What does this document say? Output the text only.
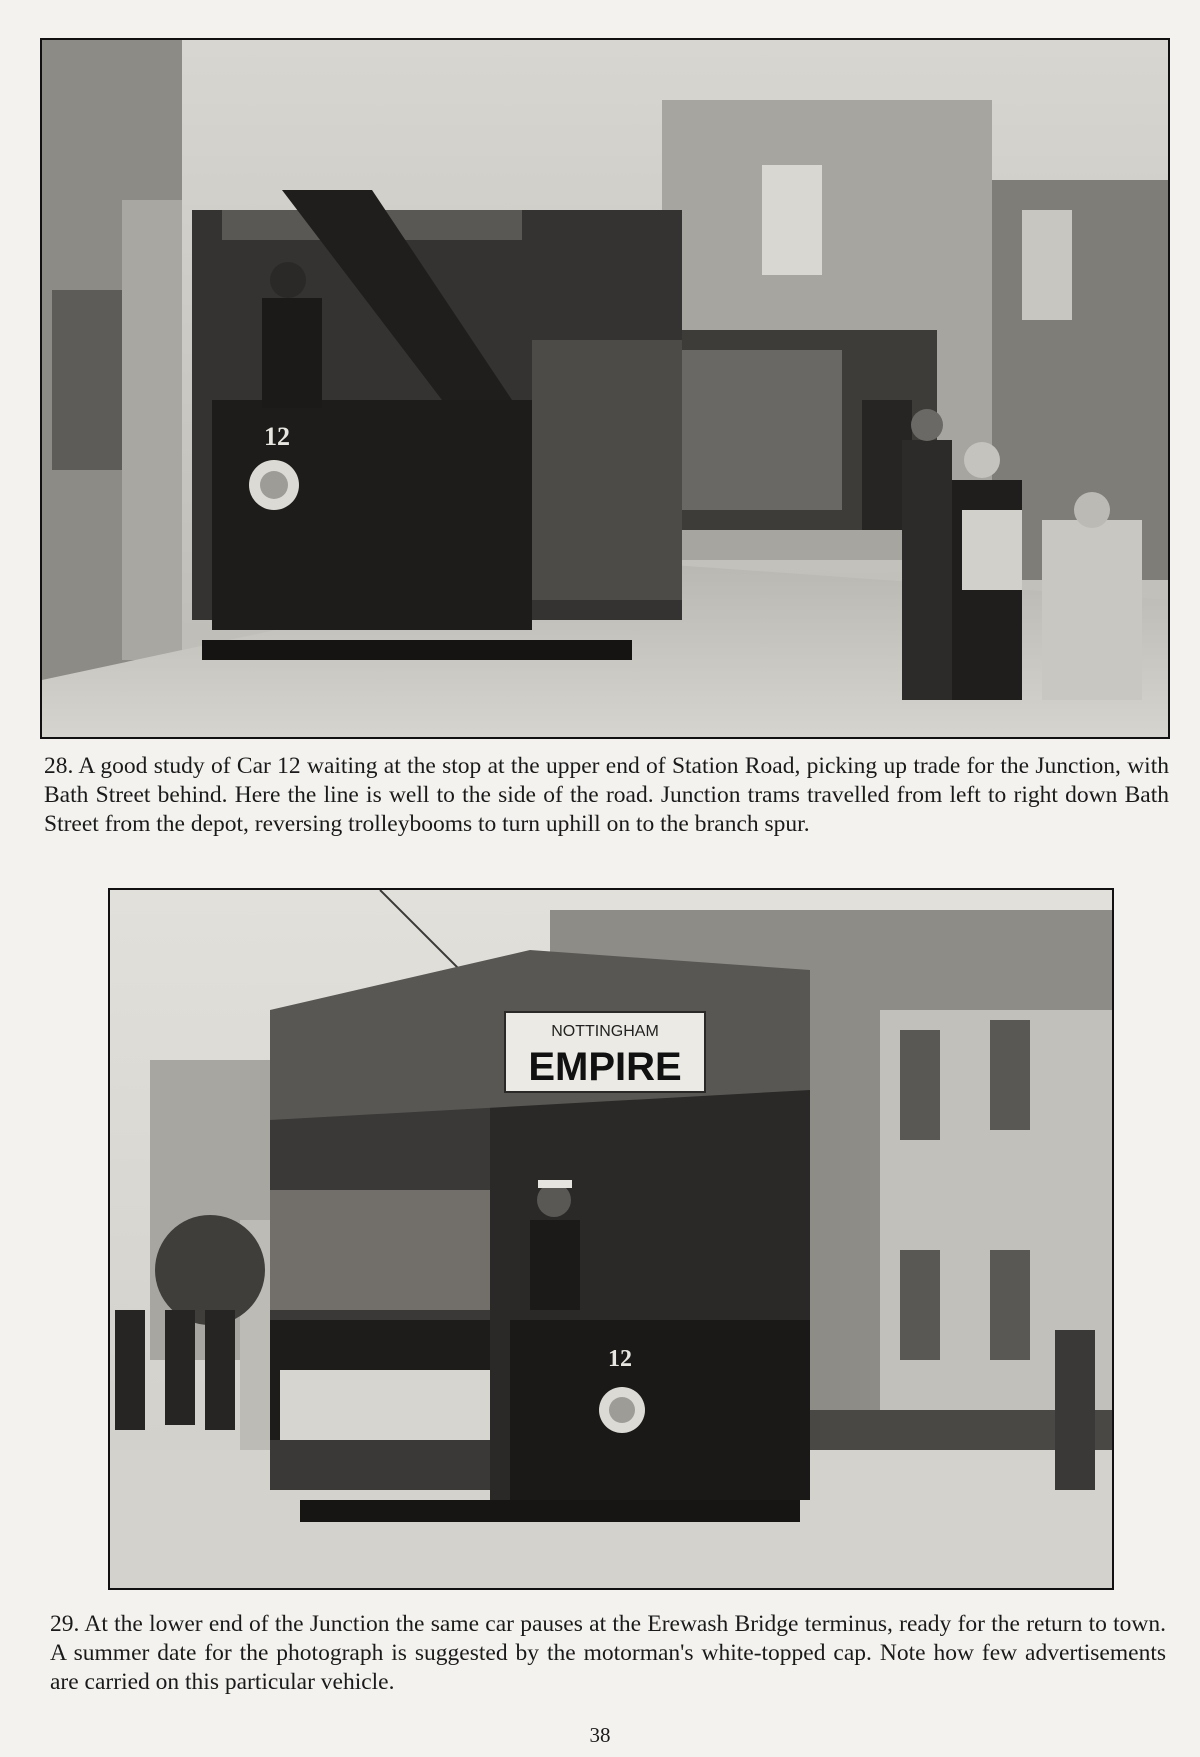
12

28. A good study of Car 12 waiting at the stop at the upper end of Station Road, picking up trade for the Junction, with Bath Street behind. Here the line is well to the side of the road. Junction trams travelled from left to right down Bath Street from the depot, reversing trolleybooms to turn uphill on to the branch spur.

NOTTINGHAM
EMPIRE
12

29. At the lower end of the Junction the same car pauses at the Erewash Bridge terminus, ready for the return to town. A summer date for the photograph is suggested by the motorman's white-topped cap. Note how few advertisements are carried on this particular vehicle.

38
